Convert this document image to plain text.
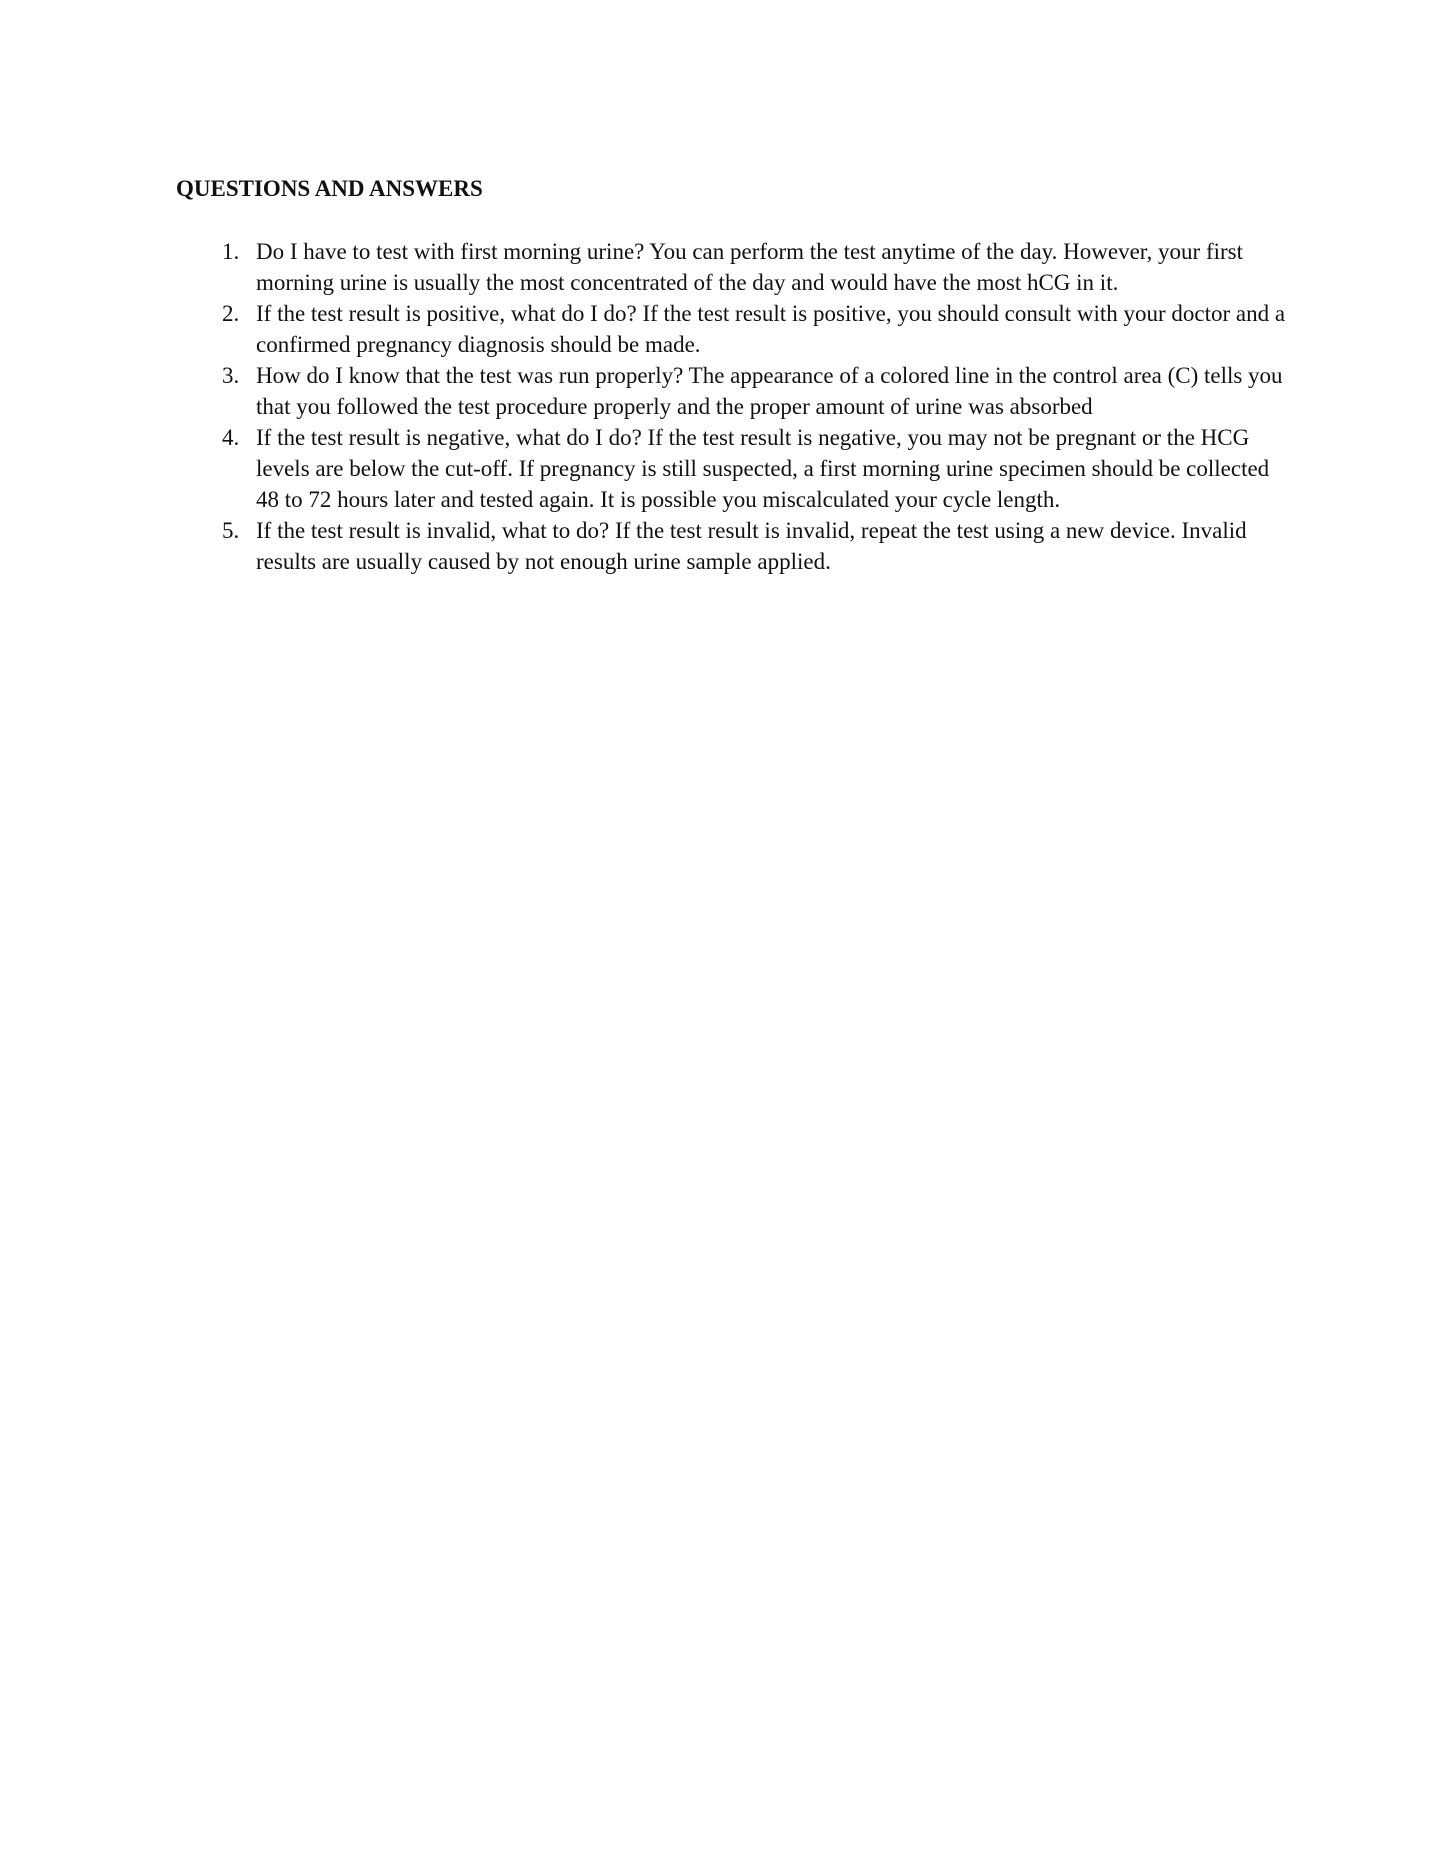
QUESTIONS AND ANSWERS
1. Do I have to test with first morning urine? You can perform the test anytime of the day. However, your first morning urine is usually the most concentrated of the day and would have the most hCG in it.
2. If the test result is positive, what do I do? If the test result is positive, you should consult with your doctor and a confirmed pregnancy diagnosis should be made.
3. How do I know that the test was run properly? The appearance of a colored line in the control area (C) tells you that you followed the test procedure properly and the proper amount of urine was absorbed
4. If the test result is negative, what do I do? If the test result is negative, you may not be pregnant or the HCG levels are below the cut-off. If pregnancy is still suspected, a first morning urine specimen should be collected 48 to 72 hours later and tested again. It is possible you miscalculated your cycle length.
5. If the test result is invalid, what to do? If the test result is invalid, repeat the test using a new device. Invalid results are usually caused by not enough urine sample applied.
